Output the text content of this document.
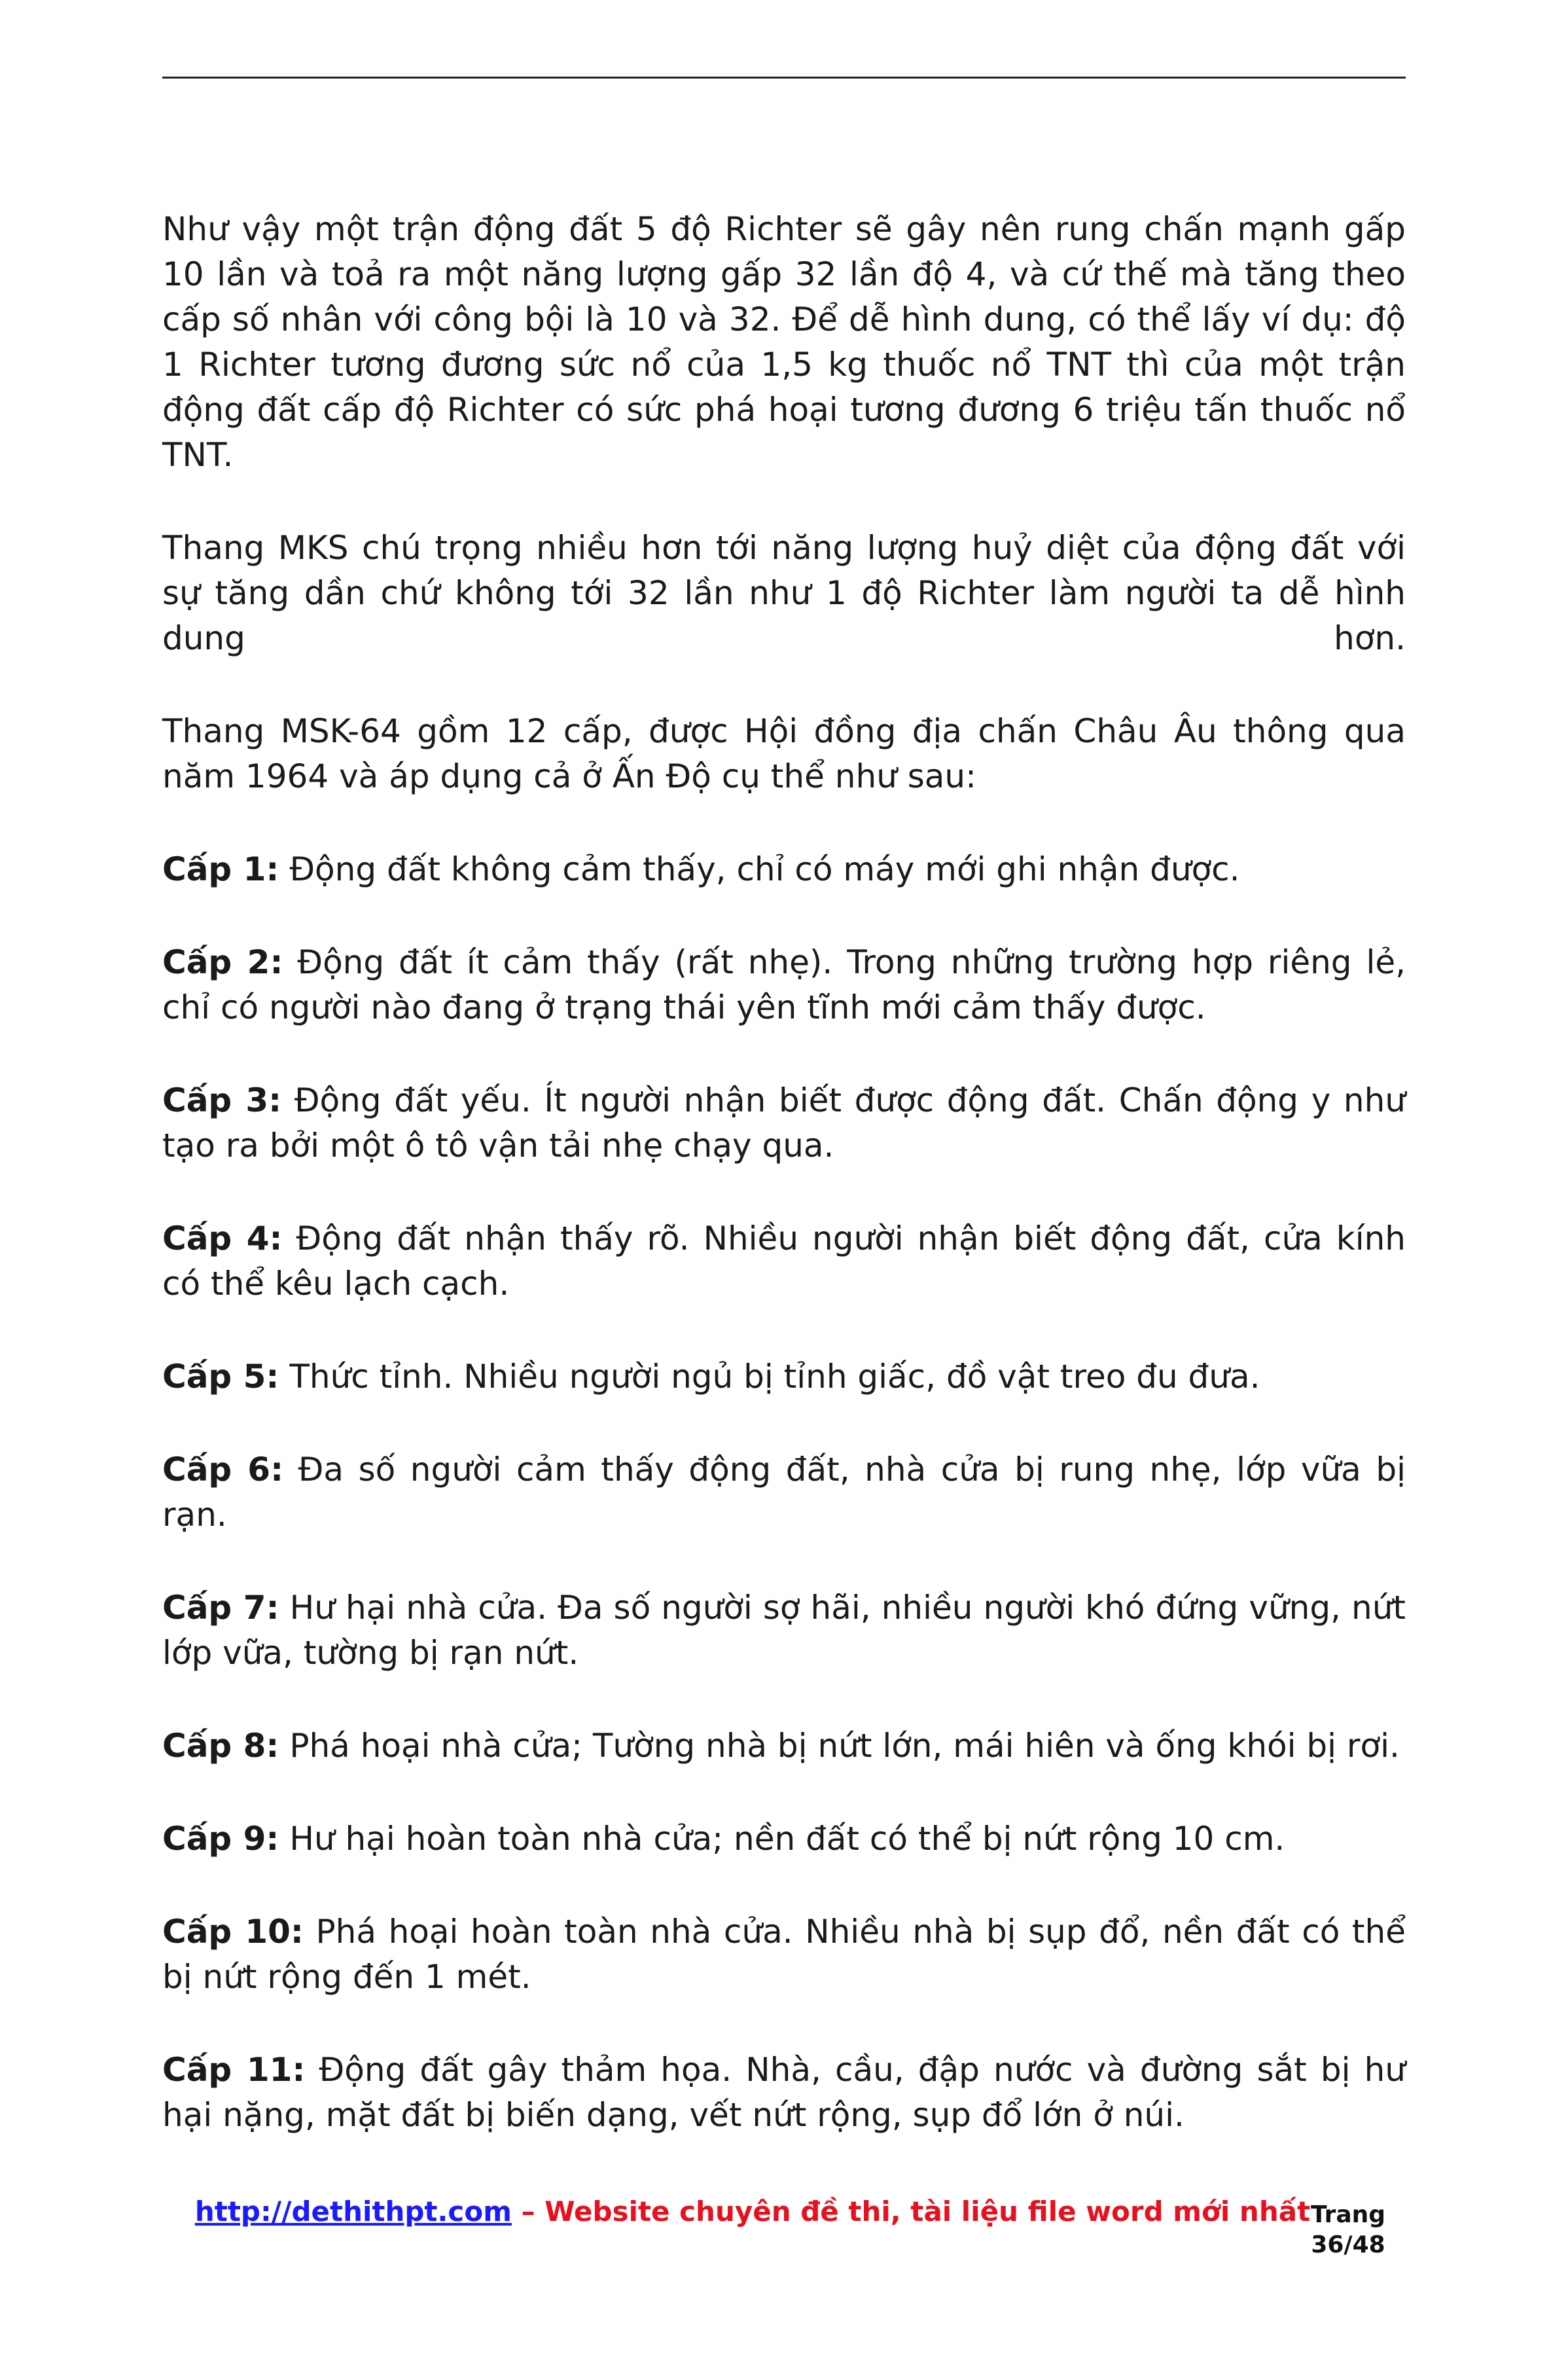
Như vậy một trận động đất 5 độ Richter sẽ gây nên rung chấn mạnh gấp 10 lần và toả ra một năng lượng gấp 32 lần độ 4, và cứ thế mà tăng theo cấp số nhân với công bội là 10 và 32. Để dễ hình dung, có thể lấy ví dụ: độ 1 Richter tương đương sức nổ của 1,5 kg thuốc nổ TNT thì của một trận động đất cấp độ Richter có sức phá hoại tương đương 6 triệu tấn thuốc nổ TNT.

Thang MKS chú trọng nhiều hơn tới năng lượng huỷ diệt của động đất với sự tăng dần chứ không tới 32 lần như 1 độ Richter làm người ta dễ hình dung hơn.

Thang MSK-64 gồm 12 cấp, được Hội đồng địa chấn Châu Âu thông qua năm 1964 và áp dụng cả ở Ấn Độ cụ thể như sau:

Cấp 1: Động đất không cảm thấy, chỉ có máy mới ghi nhận được.

Cấp 2: Động đất ít cảm thấy (rất nhẹ). Trong những trường hợp riêng lẻ, chỉ có người nào đang ở trạng thái yên tĩnh mới cảm thấy được.

Cấp 3: Động đất yếu. Ít người nhận biết được động đất. Chấn động y như tạo ra bởi một ô tô vận tải nhẹ chạy qua.

Cấp 4: Động đất nhận thấy rõ. Nhiều người nhận biết động đất, cửa kính có thể kêu lạch cạch.

Cấp 5: Thức tỉnh. Nhiều người ngủ bị tỉnh giấc, đồ vật treo đu đưa.

Cấp 6: Đa số người cảm thấy động đất, nhà cửa bị rung nhẹ, lớp vữa bị rạn.

Cấp 7: Hư hại nhà cửa. Đa số người sợ hãi, nhiều người khó đứng vững, nứt lớp vữa, tường bị rạn nứt.

Cấp 8: Phá hoại nhà cửa; Tường nhà bị nứt lớn, mái hiên và ống khói bị rơi.

Cấp 9: Hư hại hoàn toàn nhà cửa; nền đất có thể bị nứt rộng 10 cm.

Cấp 10: Phá hoại hoàn toàn nhà cửa. Nhiều nhà bị sụp đổ, nền đất có thể bị nứt rộng đến 1 mét.

Cấp 11: Động đất gây thảm họa. Nhà, cầu, đập nước và đường sắt bị hư hại nặng, mặt đất bị biến dạng, vết nứt rộng, sụp đổ lớn ở núi.

http://dethithpt.com – Website chuyên đề thi, tài liệu file word mới nhất Trang 36/48
